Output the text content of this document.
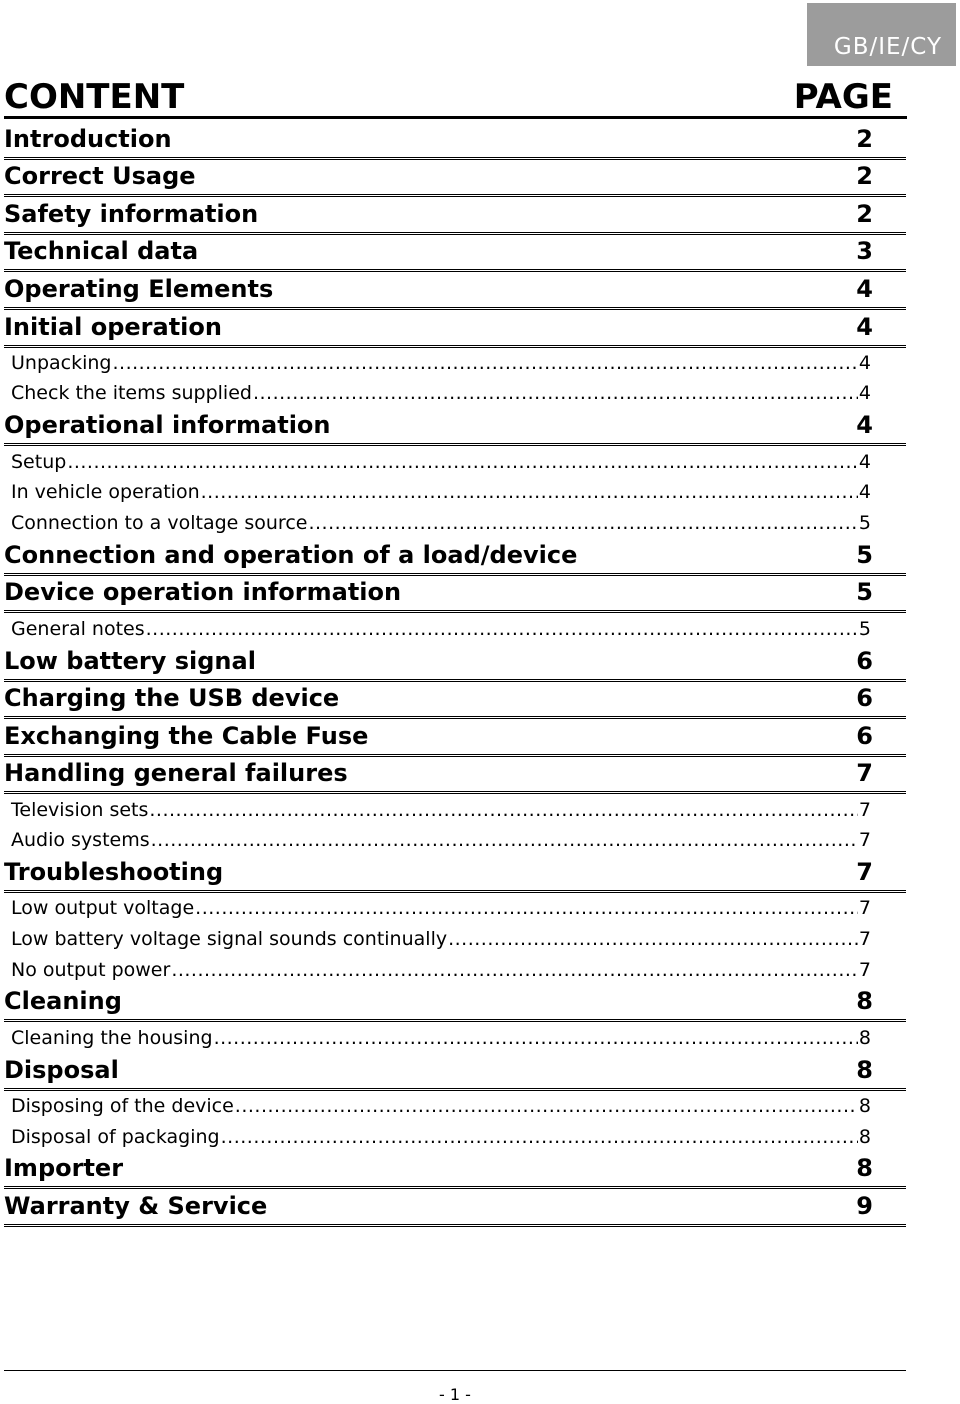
GB/IE/CY
CONTENT	PAGE
Introduction	2
Correct Usage	2
Safety information	2
Technical data	3
Operating Elements	4
Initial operation	4
Unpacking .....	4
Check the items supplied .....	4
Operational information	4
Setup .....	4
In vehicle operation .....	4
Connection to a voltage source .....	5
Connection and operation of a load/device	5
Device operation information	5
General notes .....	5
Low battery signal	6
Charging the USB device	6
Exchanging the Cable Fuse	6
Handling general failures	7
Television sets .....	7
Audio systems .....	7
Troubleshooting	7
Low output voltage .....	7
Low battery voltage signal sounds continually .....	7
No output power .....	7
Cleaning	8
Cleaning the housing .....	8
Disposal	8
Disposing of the device .....	8
Disposal of packaging .....	8
Importer	8
Warranty & Service	9
- 1 -
